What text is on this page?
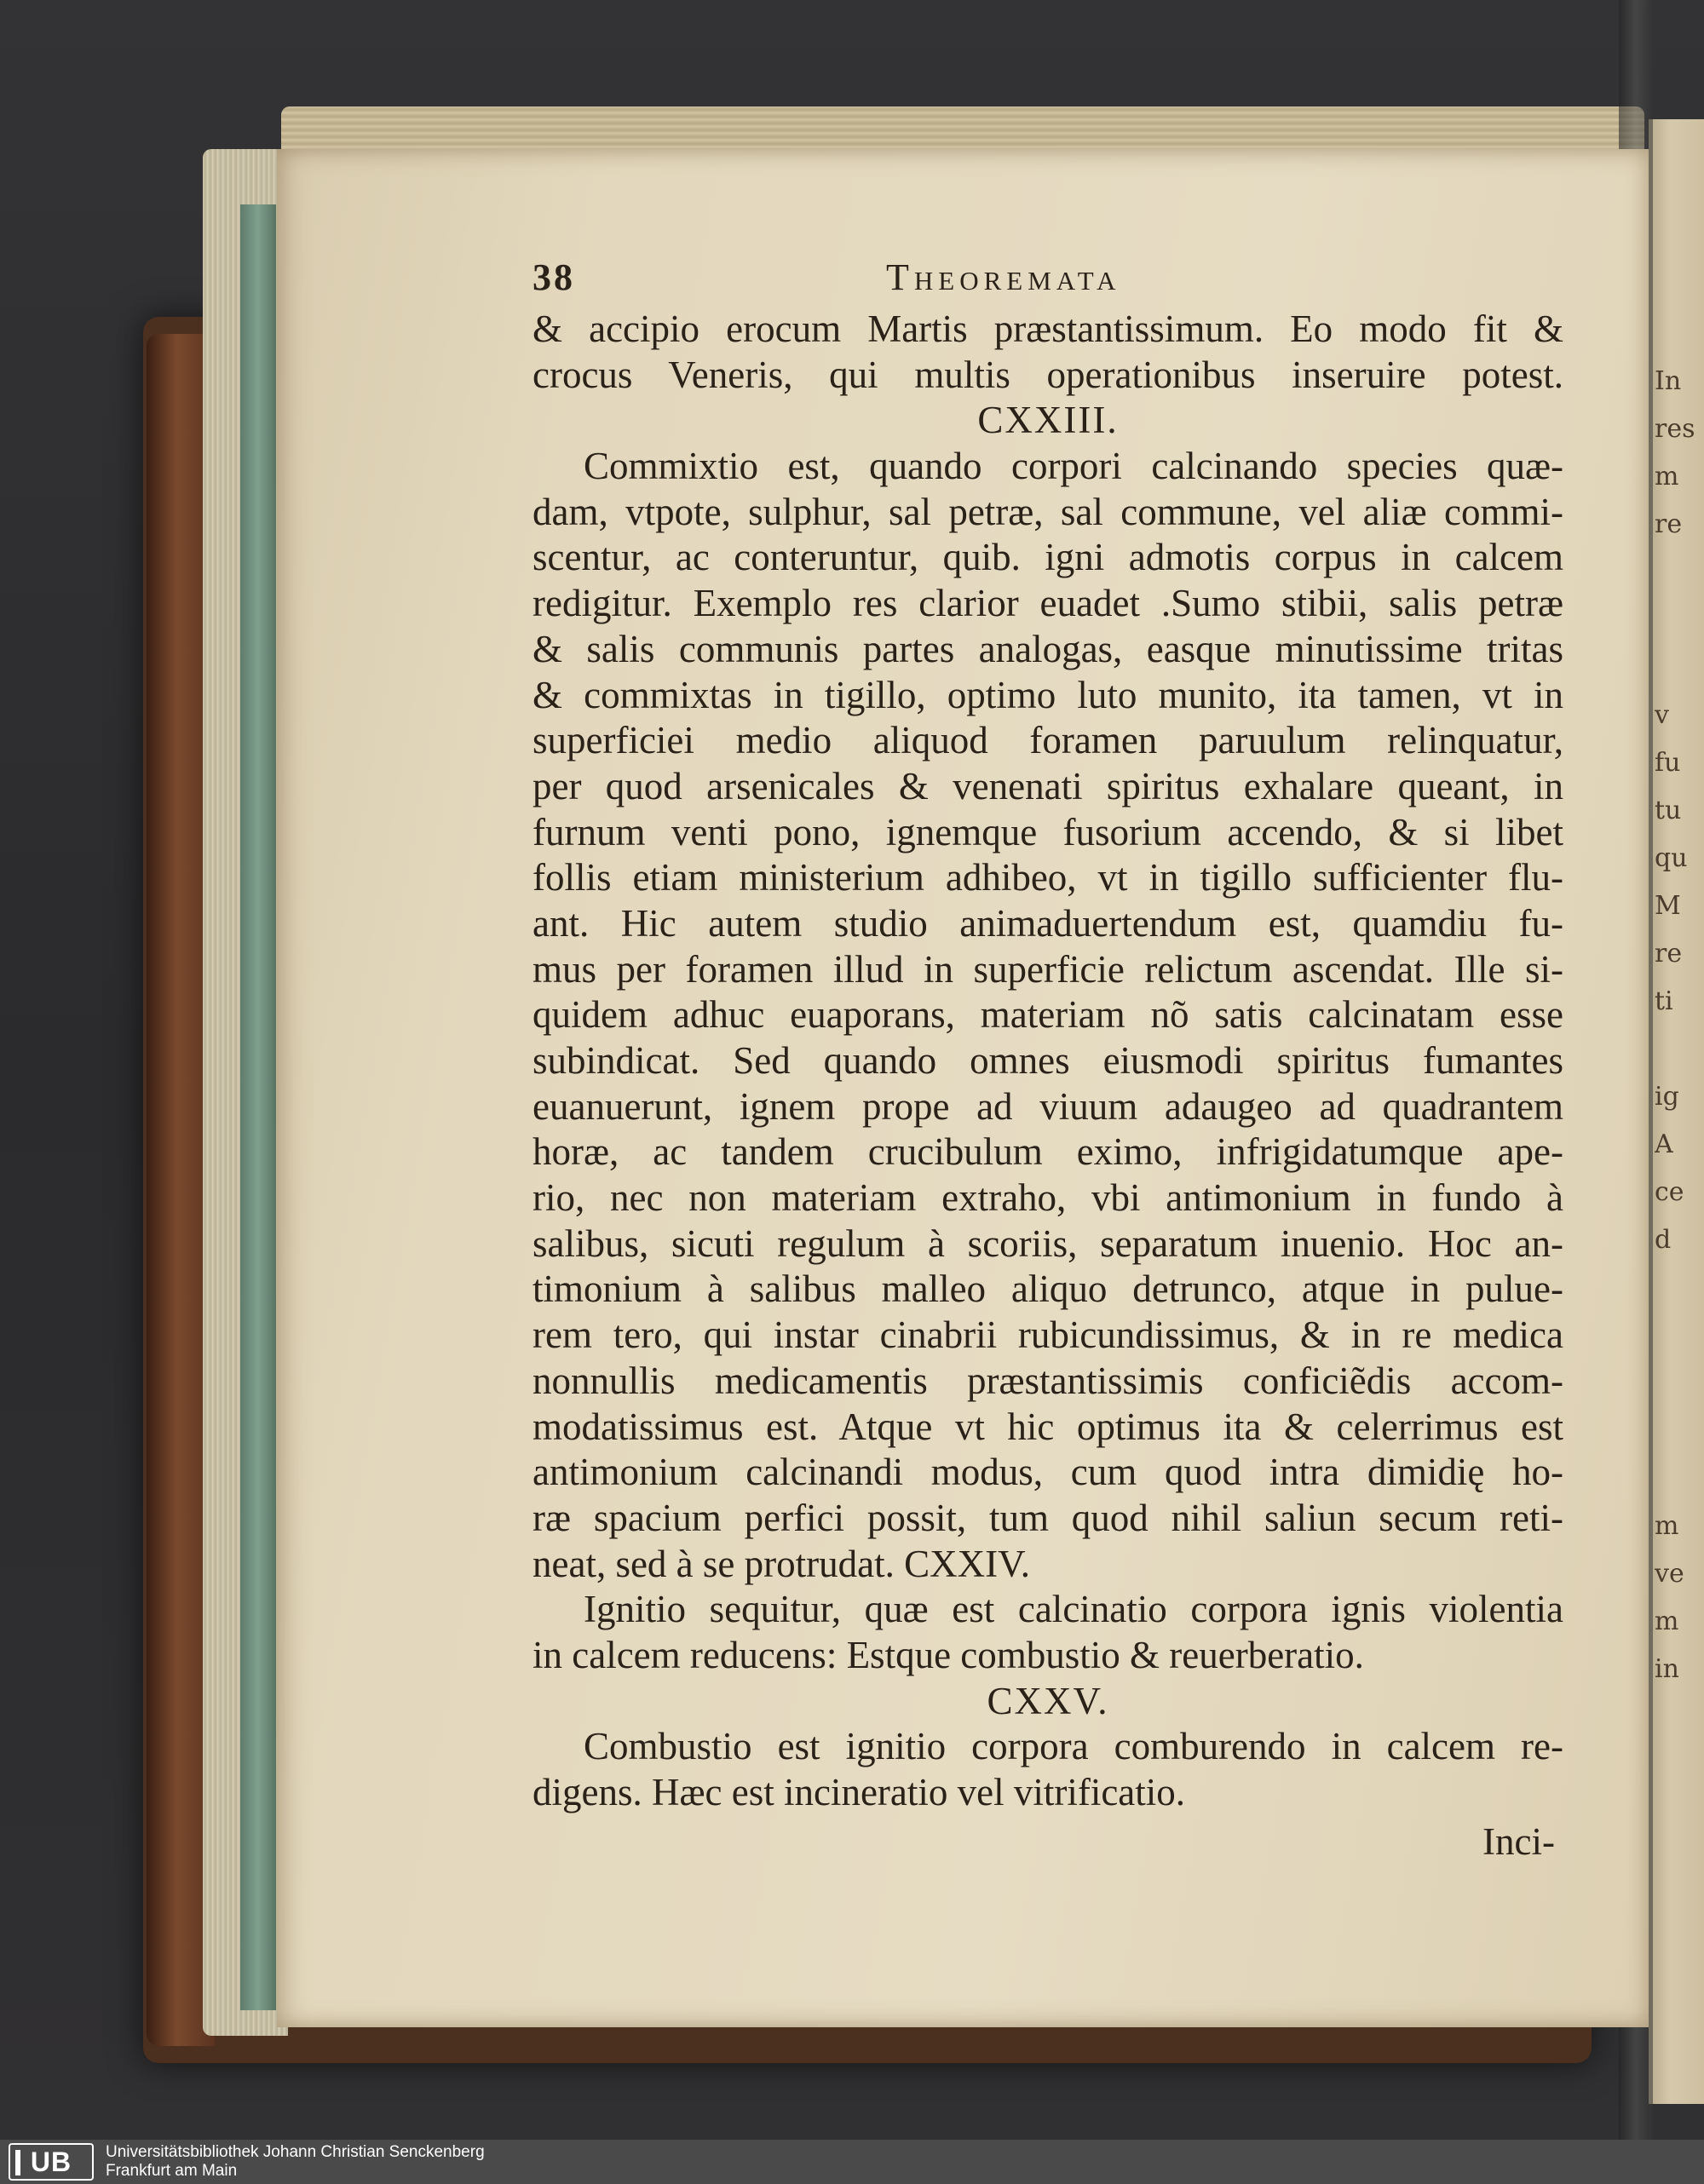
In
res
m
re
v
fu
tu
qu
M
re
ti
ig
A
ce
d
m
ve
m
in
38	Theoremata
& accipio erocum Martis præstantissimum. Eo modo fit &
crocus Veneris, qui multis operationibus inseruire potest.
CXXIII.
Commixtio est, quando corpori calcinando species quæ-
dam, vtpote, sulphur, sal petræ, sal commune, vel aliæ commi-
scentur, ac conteruntur, quib. igni admotis corpus in calcem
redigitur. Exemplo res clarior euadet .Sumo stibii, salis petræ
& salis communis partes analogas, easque minutissime tritas
& commixtas in tigillo, optimo luto munito, ita tamen, vt in
superficiei medio aliquod foramen paruulum relinquatur,
per quod arsenicales & venenati spiritus exhalare queant, in
furnum venti pono, ignemque fusorium accendo, & si libet
follis etiam ministerium adhibeo, vt in tigillo sufficienter flu-
ant. Hic autem studio animaduertendum est, quamdiu fu-
mus per foramen illud in superficie relictum ascendat. Ille si-
quidem adhuc euaporans, materiam nõ satis calcinatam esse
subindicat. Sed quando omnes eiusmodi spiritus fumantes
euanuerunt, ignem prope ad viuum adaugeo ad quadrantem
horæ, ac tandem crucibulum eximo, infrigidatumque ape-
rio, nec non materiam extraho, vbi antimonium in fundo à
salibus, sicuti regulum à scoriis, separatum inuenio. Hoc an-
timonium à salibus malleo aliquo detrunco, atque in pulue-
rem tero, qui instar cinabrii rubicundissimus, & in re medica
nonnullis medicamentis præstantissimis conficiẽdis accom-
modatissimus est. Atque vt hic optimus ita & celerrimus est
antimonium calcinandi modus, cum quod intra dimidię ho-
ræ spacium perfici possit, tum quod nihil saliun secum reti-
neat, sed à se protrudat. CXXIV.
Ignitio sequitur, quæ est calcinatio corpora ignis violentia
in calcem reducens: Estque combustio & reuerberatio.
CXXV.
Combustio est ignitio corpora comburendo in calcem re-
digens. Hæc est incineratio vel vitrificatio.
Inci-
UB Universitätsbibliothek Johann Christian Senckenberg
Frankfurt am Main
